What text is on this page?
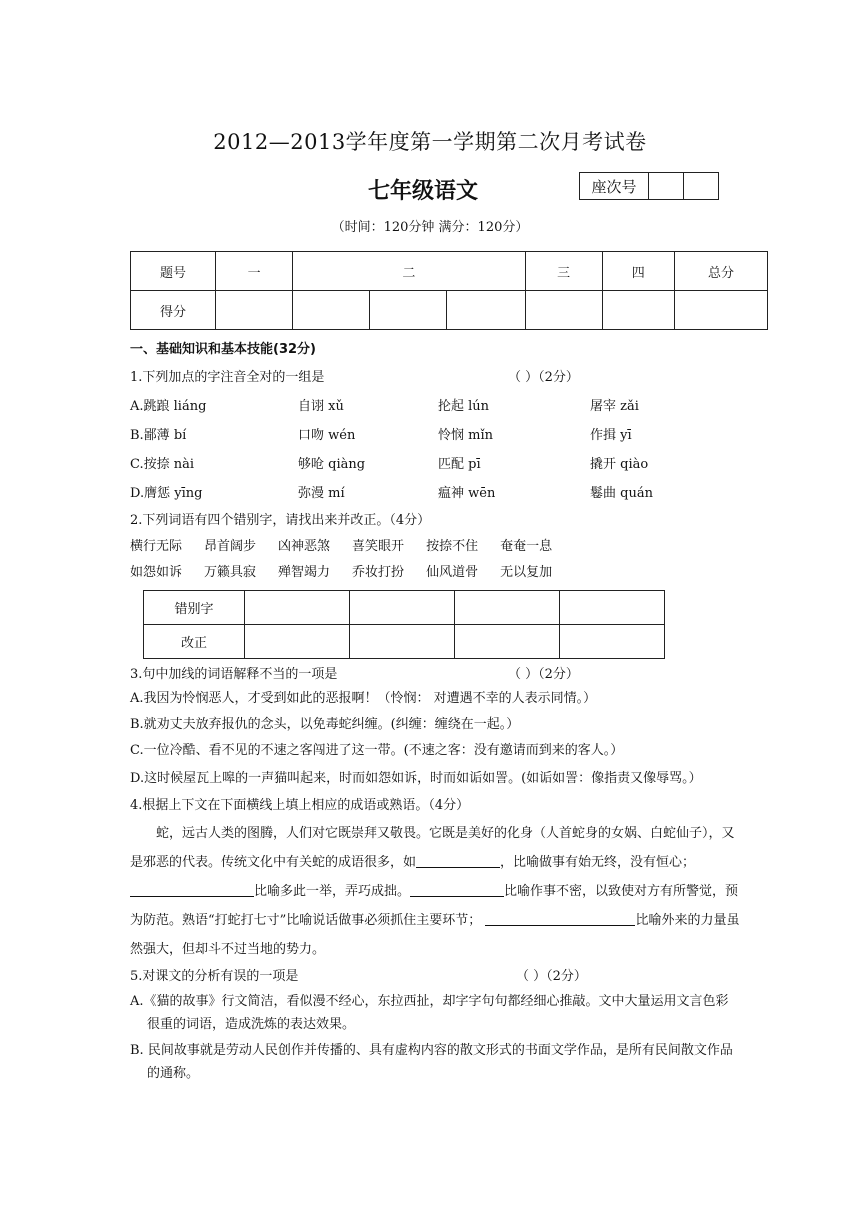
2012—2013学年度第一学期第二次月考试卷
七年级语文	座次号		
（时间：120分钟 满分：120分）
题号	一	二			三	四	总分
得分							
一、基础知识和基本技能(32分)
1.下列加点的字注音全对的一组是	（ ）（2分）
A.跳踉 liáng	自诩 xǔ	抡起 lún	屠宰 zǎi
B.鄙薄 bí	口吻 wén	怜悯 mǐn	作揖 yī
C.按捺 nài	够呛 qiàng	匹配 pī	撬开 qiào
D.膺惩 yīng	弥漫 mí	瘟神 wēn	鬈曲 quán
2.下列词语有四个错别字，请找出来并改正。（4分）
横行无际 昂首阔步 凶神恶煞 喜笑眼开 按捺不住 奄奄一息
如怨如诉 万籁具寂 殚智竭力 乔妆打扮 仙风道骨 无以复加
错别字				
改正				
3.句中加线的词语解释不当的一项是	（ ）（2分）
A.我因为怜悯恶人，才受到如此的恶报啊！（怜悯： 对遭遇不幸的人表示同情。）
B.就劝丈夫放弃报仇的念头，以免毒蛇纠缠。(纠缠：缠绕在一起。）
C.一位冷酷、看不见的不速之客闯进了这一带。(不速之客：没有邀请而到来的客人。）
D.这时候屋瓦上嗥的一声猫叫起来，时而如怨如诉，时而如诟如詈。(如诟如詈：像指责又像辱骂。）
4.根据上下文在下面横线上填上相应的成语或熟语。（4分）
蛇，远古人类的图腾，人们对它既崇拜又敬畏。它既是美好的化身（人首蛇身的女娲、白蛇仙子），又是邪恶的代表。传统文化中有关蛇的成语很多，如	，比喻做事有始无终，没有恒心；比喻多此一举，弄巧成拙。	比喻作事不密，以致使对方有所警觉，预为防范。熟语“打蛇打七寸”比喻说话做事必须抓住主要环节；	比喻外来的力量虽然强大，但却斗不过当地的势力。
5.对课文的分析有误的一项是	（ ）（2分）
A.《猫的故事》行文简洁，看似漫不经心，东拉西扯，却字字句句都经细心推敲。文中大量运用文言色彩很重的词语，造成洗炼的表达效果。
B. 民间故事就是劳动人民创作并传播的、具有虚构内容的散文形式的书面文学作品，是所有民间散文作品的通称。
